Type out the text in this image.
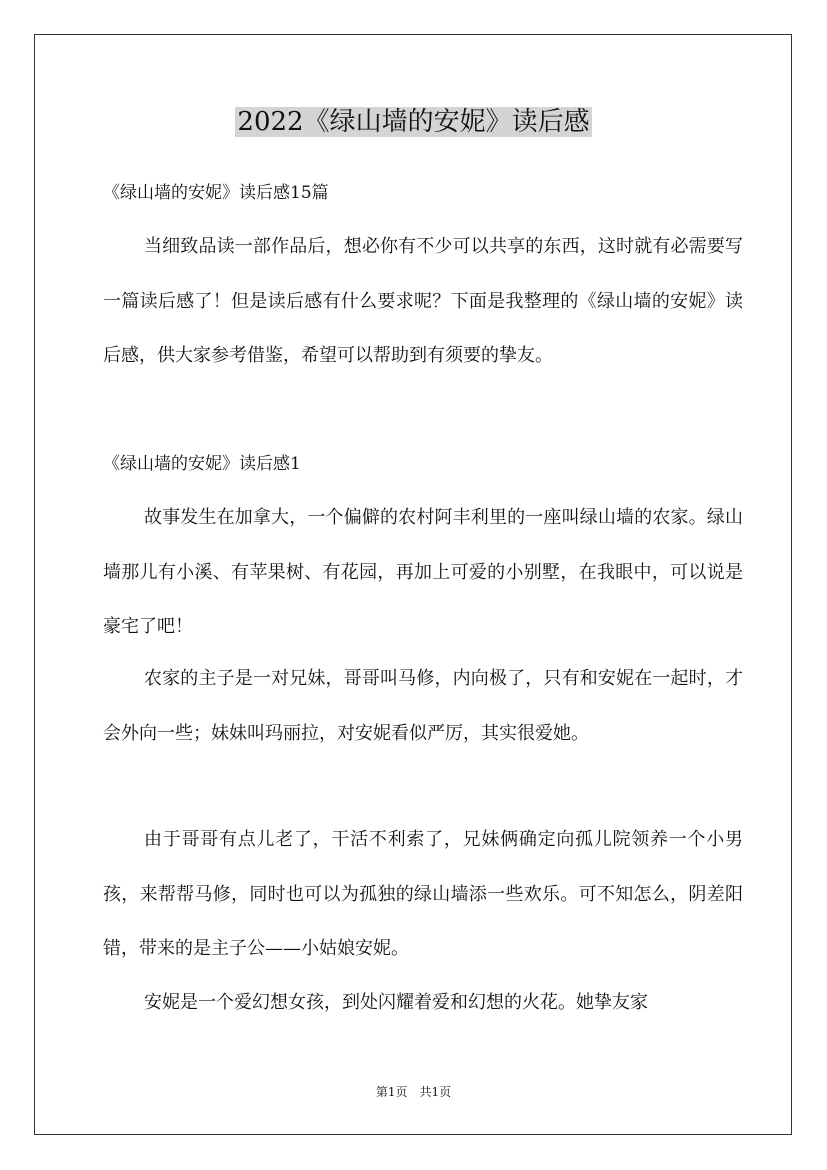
2022《绿山墙的安妮》读后感
《绿山墙的安妮》读后感15篇

当细致品读一部作品后，想必你有不少可以共享的东西，这时就有必需要写一篇读后感了！但是读后感有什么要求呢？下面是我整理的《绿山墙的安妮》读后感，供大家参考借鉴，希望可以帮助到有须要的挚友。

《绿山墙的安妮》读后感1

故事发生在加拿大，一个偏僻的农村阿丰利里的一座叫绿山墙的农家。绿山墙那儿有小溪、有苹果树、有花园，再加上可爱的小别墅，在我眼中，可以说是豪宅了吧！

农家的主子是一对兄妹，哥哥叫马修，内向极了，只有和安妮在一起时，才会外向一些；妹妹叫玛丽拉，对安妮看似严厉，其实很爱她。

由于哥哥有点儿老了，干活不利索了，兄妹俩确定向孤儿院领养一个小男孩，来帮帮马修，同时也可以为孤独的绿山墙添一些欢乐。可不知怎么，阴差阳错，带来的是主子公——小姑娘安妮。

安妮是一个爱幻想女孩，到处闪耀着爱和幻想的火花。她挚友家

第1页　共1页
